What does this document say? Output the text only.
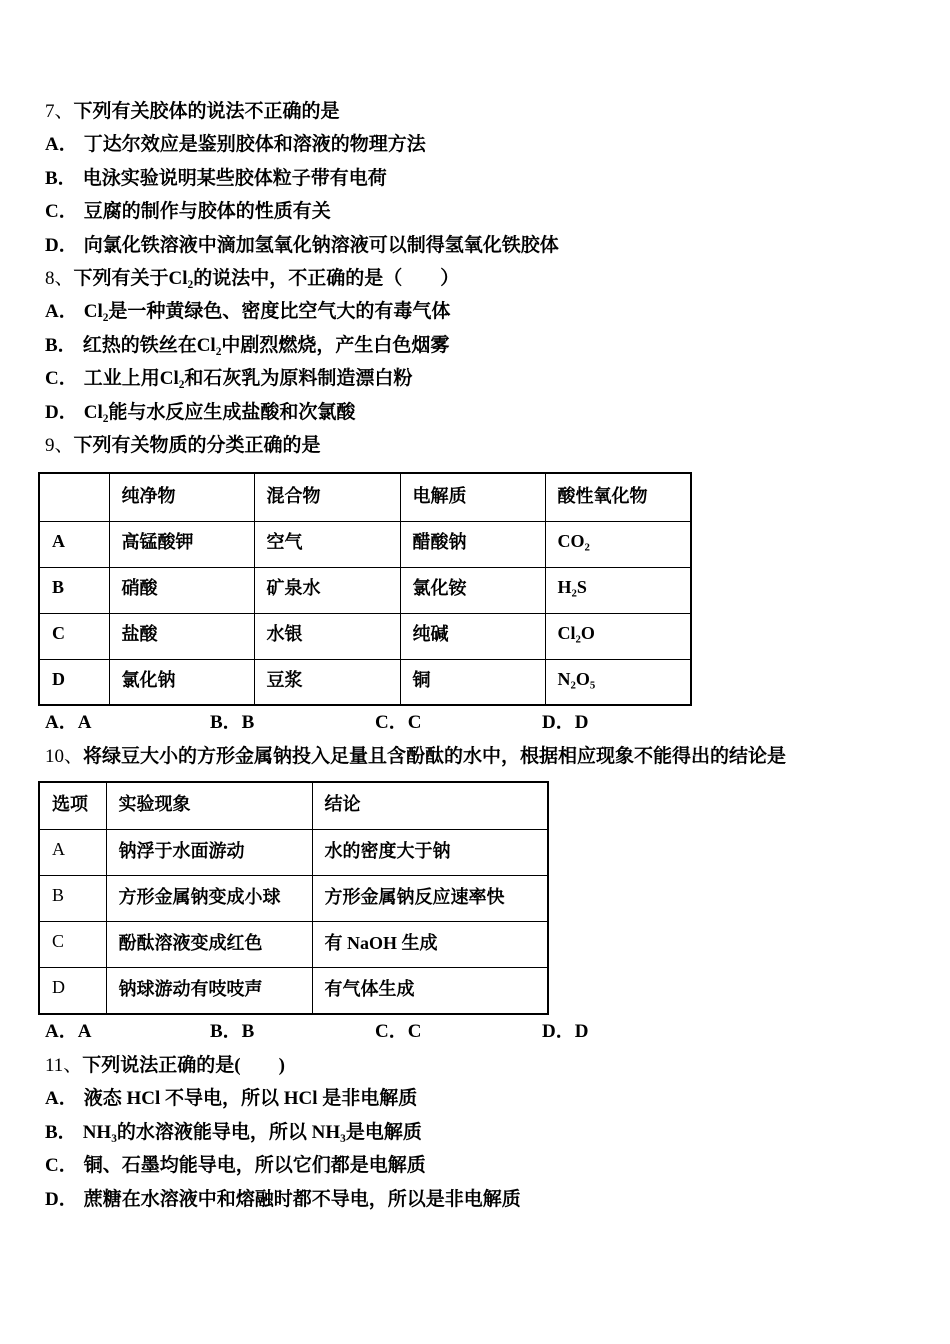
7、下列有关胶体的说法不正确的是
A． 丁达尔效应是鉴别胶体和溶液的物理方法
B． 电泳实验说明某些胶体粒子带有电荷
C． 豆腐的制作与胶体的性质有关
D． 向氯化铁溶液中滴加氢氧化钠溶液可以制得氢氧化铁胶体
8、下列有关于Cl₂的说法中，不正确的是（　　）
A． Cl₂是一种黄绿色、密度比空气大的有毒气体
B． 红热的铁丝在Cl₂中剧烈燃烧，产生白色烟雾
C． 工业上用Cl₂和石灰乳为原料制造漂白粉
D． Cl₂能与水反应生成盐酸和次氯酸
9、下列有关物质的分类正确的是
	纯净物	混合物	电解质	酸性氧化物
A	高锰酸钾	空气	醋酸钠	CO₂
B	硝酸	矿泉水	氯化铵	H₂S
C	盐酸	水银	纯碱	Cl₂O
D	氯化钠	豆浆	铜	N₂O₅
A．A	B．B	C．C	D．D
10、将绿豆大小的方形金属钠投入足量且含酚酞的水中，根据相应现象不能得出的结论是
选项	实验现象	结论
A	钠浮于水面游动	水的密度大于钠
B	方形金属钠变成小球	方形金属钠反应速率快
C	酚酞溶液变成红色	有 NaOH 生成
D	钠球游动有吱吱声	有气体生成
A．A	B．B	C．C	D．D
11、下列说法正确的是(　　)
A． 液态 HCl 不导电，所以 HCl 是非电解质
B． NH₃的水溶液能导电，所以 NH₃是电解质
C． 铜、石墨均能导电，所以它们都是电解质
D． 蔗糖在水溶液中和熔融时都不导电，所以是非电解质
